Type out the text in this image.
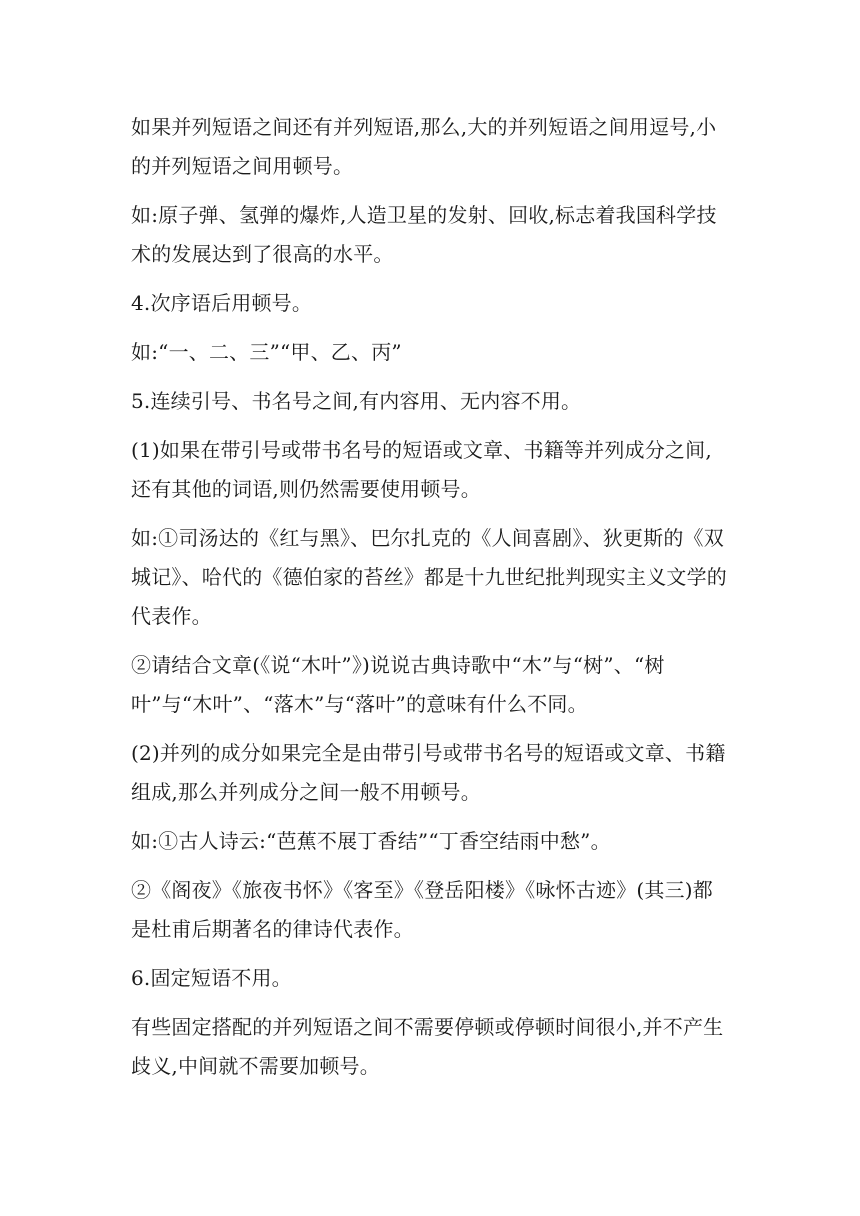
如果并列短语之间还有并列短语,那么,大的并列短语之间用逗号,小的并列短语之间用顿号。

如:原子弹、氢弹的爆炸,人造卫星的发射、回收,标志着我国科学技术的发展达到了很高的水平。

4.次序语后用顿号。

如:“一、二、三”“甲、乙、丙”

5.连续引号、书名号之间,有内容用、无内容不用。

(1)如果在带引号或带书名号的短语或文章、书籍等并列成分之间,还有其他的词语,则仍然需要使用顿号。

如:①司汤达的《红与黑》、巴尔扎克的《人间喜剧》、狄更斯的《双城记》、哈代的《德伯家的苔丝》都是十九世纪批判现实主义文学的代表作。

②请结合文章(《说“木叶”》)说说古典诗歌中“木”与“树”、“树叶”与“木叶”、“落木”与“落叶”的意味有什么不同。

(2)并列的成分如果完全是由带引号或带书名号的短语或文章、书籍组成,那么并列成分之间一般不用顿号。

如:①古人诗云:“芭蕉不展丁香结”“丁香空结雨中愁”。

②《阁夜》《旅夜书怀》《客至》《登岳阳楼》《咏怀古迹》(其三)都是杜甫后期著名的律诗代表作。

6.固定短语不用。

有些固定搭配的并列短语之间不需要停顿或停顿时间很小,并不产生歧义,中间就不需要加顿号。
